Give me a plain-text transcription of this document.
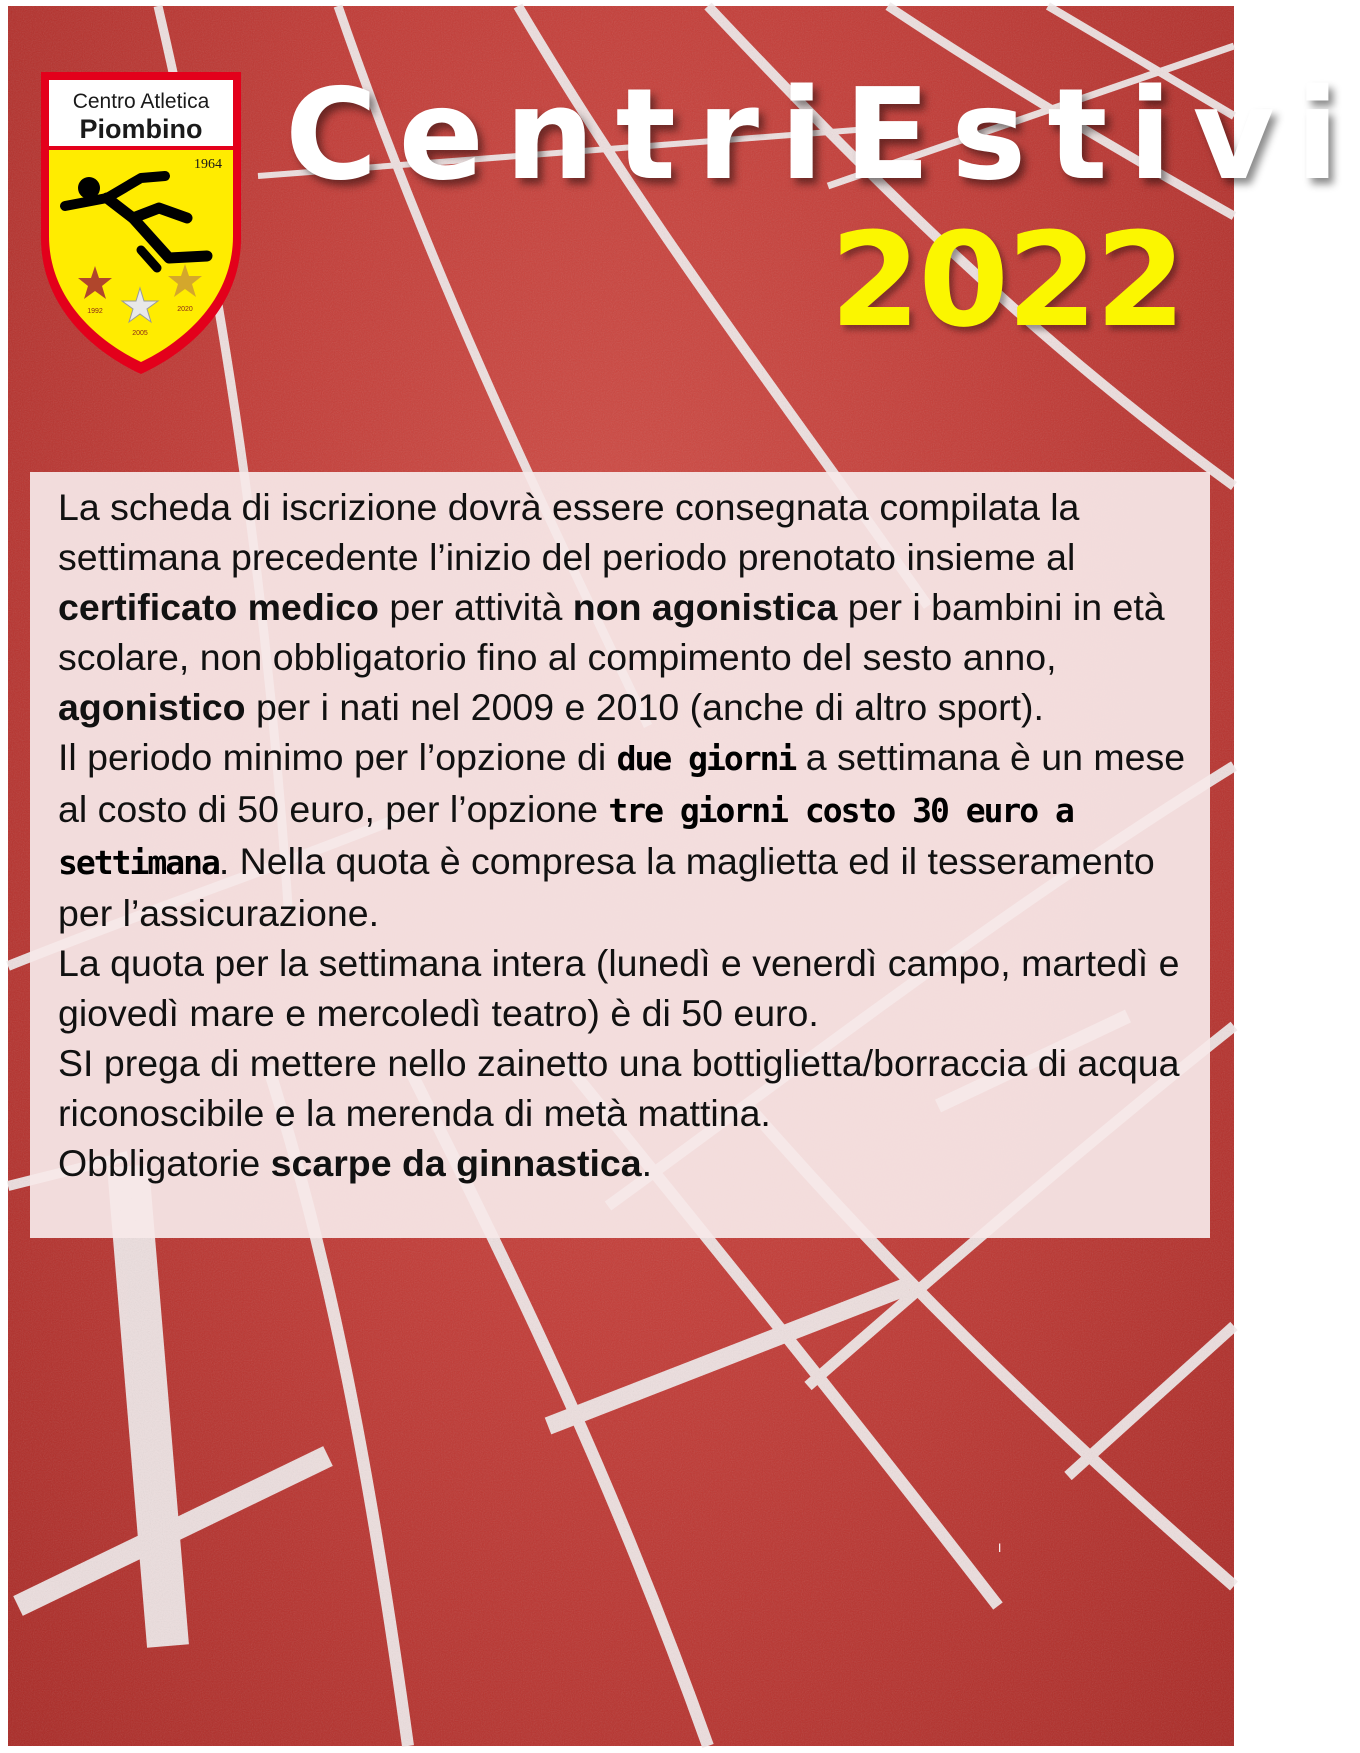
Centro Atletica
Piombino
1964
1992	2020
2005
CentriEstivi
2022

La scheda di iscrizione dovrà essere consegnata compilata la settimana precedente l’inizio del periodo prenotato insieme al certificato medico per attività non agonistica per i bambini in età scolare, non obbligatorio fino al compimento del sesto anno, agonistico per i nati nel 2009 e 2010 (anche di altro sport).

Il periodo minimo per l’opzione di due giorni a settimana è un mese al costo di 50 euro, per l’opzione tre giorni costo 30 euro a settimana. Nella quota è compresa la maglietta ed il tesseramento per l’assicurazione.

La quota per la settimana intera (lunedì e venerdì campo, martedì e giovedì mare e mercoledì teatro) è di 50 euro.

SI prega di mettere nello zainetto una bottiglietta/borraccia di acqua riconoscibile e la merenda di metà mattina.

Obbligatorie scarpe da ginnastica.

I
